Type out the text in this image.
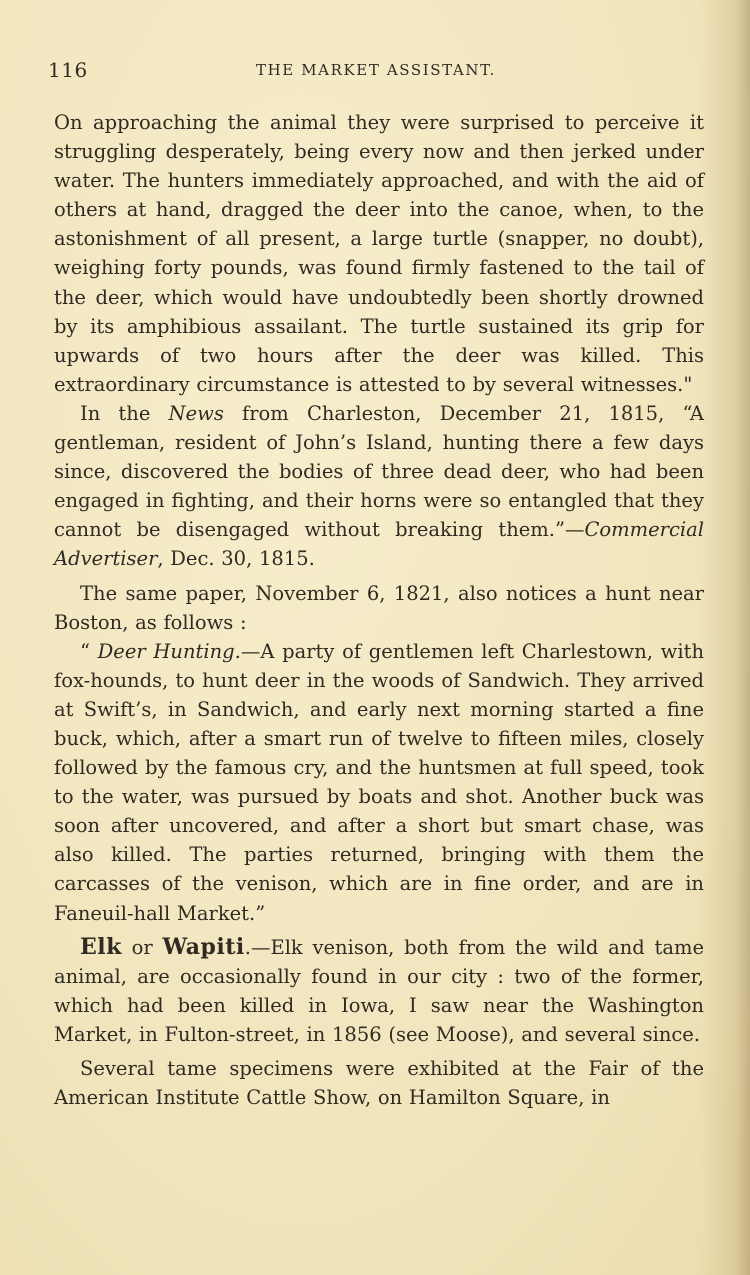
116	THE MARKET ASSISTANT.

On approaching the animal they were surprised to perceive it struggling desperately, being every now and then jerked under water. The hunters immediately approached, and with the aid of others at hand, dragged the deer into the canoe, when, to the astonishment of all present, a large turtle (snapper, no doubt), weighing forty pounds, was found firmly fastened to the tail of the deer, which would have undoubtedly been shortly drowned by its amphibious assailant. The turtle sustained its grip for upwards of two hours after the deer was killed. This extraordinary circumstance is attested to by several witnesses."

In the News from Charleston, December 21, 1815, “A gentleman, resident of John’s Island, hunting there a few days since, discovered the bodies of three dead deer, who had been engaged in fighting, and their horns were so entangled that they cannot be disengaged without breaking them.”—Commercial Advertiser, Dec. 30, 1815.

The same paper, November 6, 1821, also notices a hunt near Boston, as follows :

“ Deer Hunting.—A party of gentlemen left Charlestown, with fox-hounds, to hunt deer in the woods of Sandwich. They arrived at Swift’s, in Sandwich, and early next morning started a fine buck, which, after a smart run of twelve to fifteen miles, closely followed by the famous cry, and the huntsmen at full speed, took to the water, was pursued by boats and shot. Another buck was soon after uncovered, and after a short but smart chase, was also killed. The parties returned, bringing with them the carcasses of the venison, which are in fine order, and are in Faneuil-hall Market.”

Elk or Wapiti.—Elk venison, both from the wild and tame animal, are occasionally found in our city : two of the former, which had been killed in Iowa, I saw near the Washington Market, in Fulton-street, in 1856 (see Moose), and several since.

Several tame specimens were exhibited at the Fair of the American Institute Cattle Show, on Hamilton Square, in
